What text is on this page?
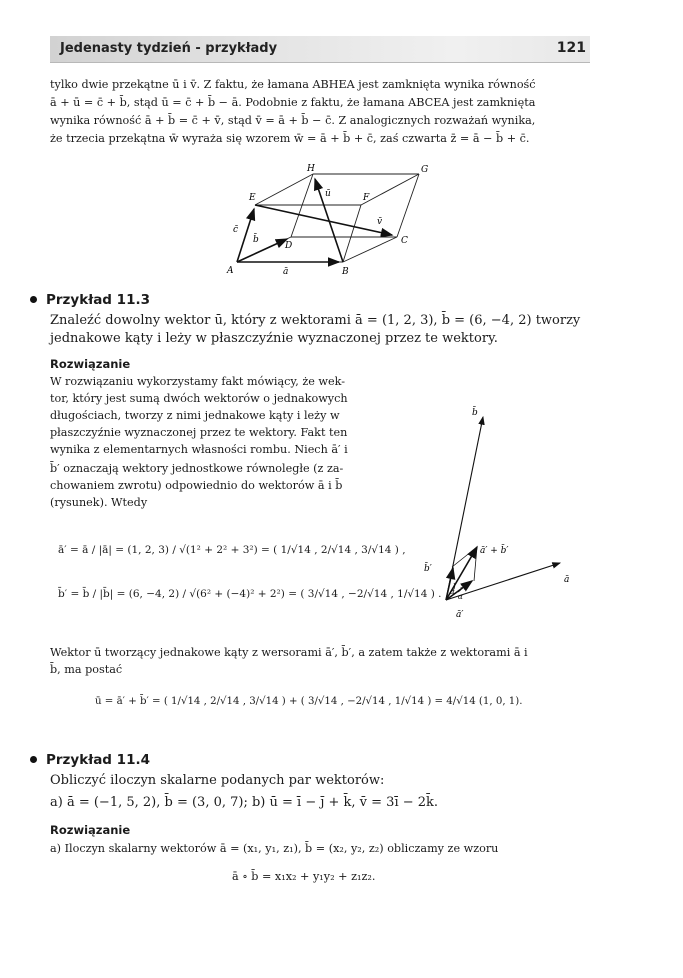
Jedenasty tydzień - przykłady	121
tylko dwie przekątne ū i v̄. Z faktu, że łamana ABHEA jest zamknięta wynika równość
ā + ū = c̄ + b̄, stąd ū = c̄ + b̄ − ā. Podobnie z faktu, że łamana ABCEA jest zamknięta
wynika równość ā + b̄ = c̄ + v̄, stąd v̄ = ā + b̄ − c̄. Z analogicznych rozważań wynika,
że trzecia przekątna w̄ wyraża się wzorem w̄ = ā + b̄ + c̄, zaś czwarta z̄ = ā − b̄ + c̄.
A	B
C
D
E	F
G
H
ā
c̄
b̄
ū
v̄
Przykład 11.3
Znaleźć dowolny wektor ū, który z wektorami ā = (1, 2, 3), b̄ = (6, −4, 2) tworzy
jednakowe kąty i leży w płaszczyźnie wyznaczonej przez te wektory.
Rozwiązanie
W rozwiązaniu wykorzystamy fakt mówiący, że wek-
tor, który jest sumą dwóch wektorów o jednakowych
długościach, tworzy z nimi jednakowe kąty i leży w
płaszczyźnie wyznaczonej przez te wektory. Fakt ten
wynika z elementarnych własności rombu. Niech ā′ i
b̄′ oznaczają wektory jednostkowe równoległe (z za-
chowaniem zwrotu) odpowiednio do wektorów ā i b̄
(rysunek). Wtedy
ā′ = ā / |ā| = (1, 2, 3) / √(1² + 2² + 3²) = ( 1/√14 , 2/√14 , 3/√14 ) ,
b̄′ = b̄ / |b̄| = (6, −4, 2) / √(6² + (−4)² + 2²) = ( 3/√14 , −2/√14 , 1/√14 ) .
b̄
ā
ā′ + b̄′
b̄′
ā′
α
α
Wektor ū tworzący jednakowe kąty z wersorami ā′, b̄′, a zatem także z wektorami ā i
b̄, ma postać
ū = ā′ + b̄′ = ( 1/√14 , 2/√14 , 3/√14 ) + ( 3/√14 , −2/√14 , 1/√14 ) = 4/√14 (1, 0, 1).
Przykład 11.4
Obliczyć iloczyn skalarne podanych par wektorów:
a) ā = (−1, 5, 2), b̄ = (3, 0, 7); b) ū = ī − j̄ + k̄, v̄ = 3ī − 2k̄.
Rozwiązanie
a) Iloczyn skalarny wektorów ā = (x₁, y₁, z₁), b̄ = (x₂, y₂, z₂) obliczamy ze wzoru
ā ∘ b̄ = x₁x₂ + y₁y₂ + z₁z₂.
